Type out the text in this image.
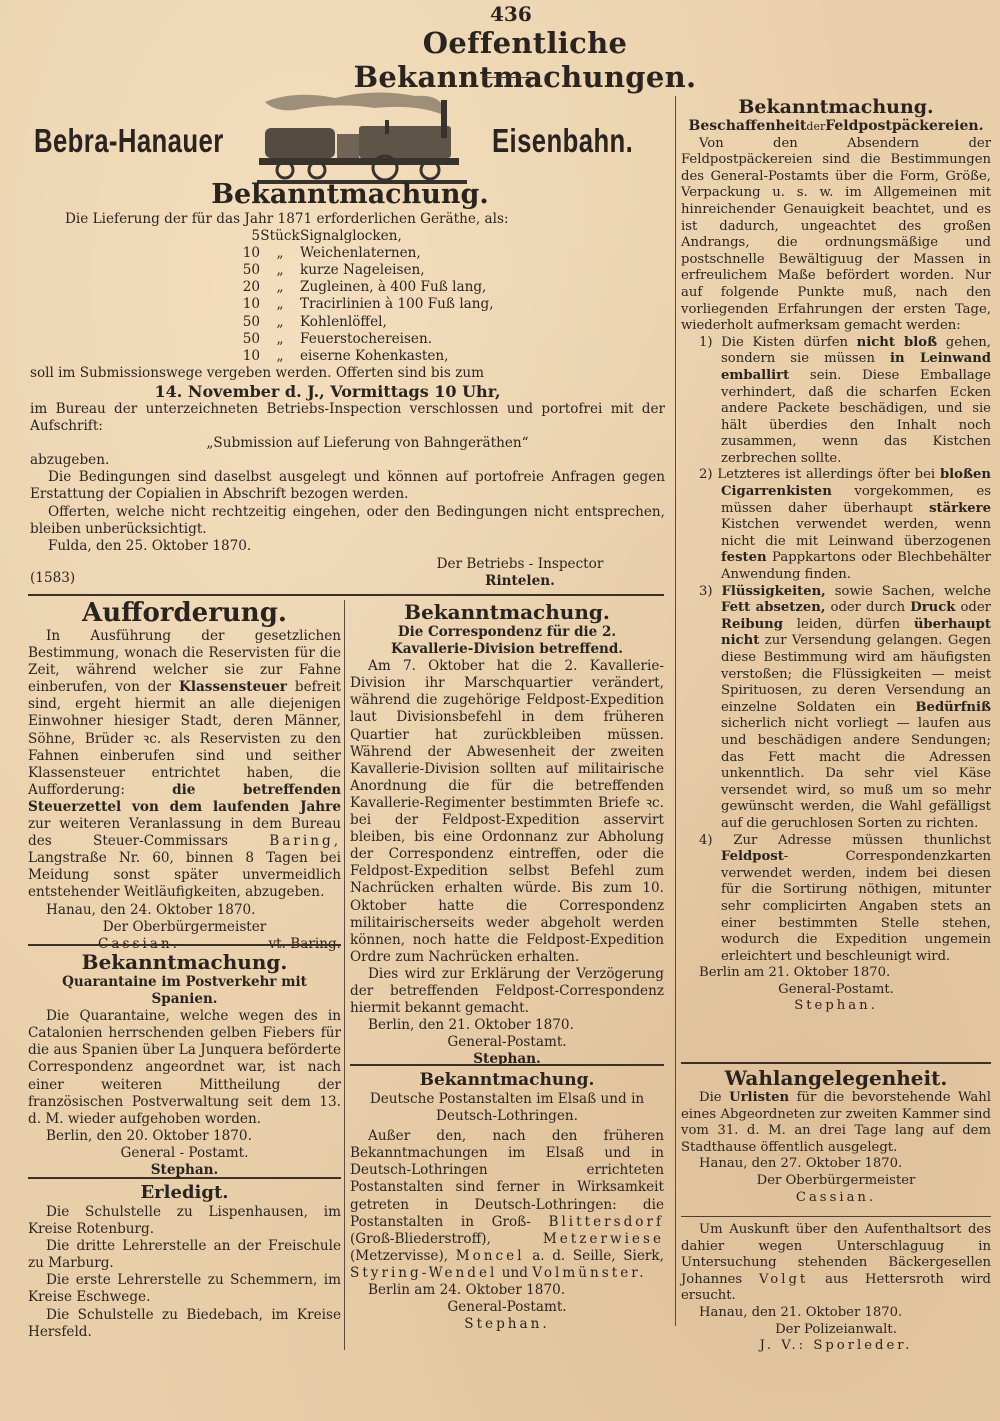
436
Oeffentliche Bekanntmachungen.
Bebra-Hanauer	Eisenbahn.
Bekanntmachung.

Die Lieferung der für das Jahr 1871 erforderlichen Geräthe, als:

5 Stück Signalglocken,
10	„	Weichenlaternen,
50	„	kurze Nageleisen,
20	„	Zugleinen, à 400 Fuß lang,
10	„	Tracirlinien à 100 Fuß lang,
50	„	Kohlenlöffel,
50	„	Feuerstochereisen.
10	„	eiserne Kohenkasten,

soll im Submissionswege vergeben werden. Offerten sind bis zum

14. November d. J., Vormittags 10 Uhr,

im Bureau der unterzeichneten Betriebs-Inspection verschlossen und portofrei mit der Aufschrift:

„Submission auf Lieferung von Bahngeräthen“

abzugeben.

Die Bedingungen sind daselbst ausgelegt und können auf portofreie Anfragen gegen Erstattung der Copialien in Abschrift bezogen werden.

Offerten, welche nicht rechtzeitig eingehen, oder den Bedingungen nicht entsprechen, bleiben unberücksichtigt.

Fulda, den 25. Oktober 1870.

(1583)

Der Betriebs - Inspector

Rintelen.

Aufforderung.

In Ausführung der gesetzlichen Bestimmung, wonach die Reservisten für die Zeit, während welcher sie zur Fahne einberufen, von der Klassensteuer befreit sind, ergeht hiermit an alle diejenigen Einwohner hiesiger Stadt, deren Männer, Söhne, Brüder ꝛc. als Reservisten zu den Fahnen einberufen sind und seither Klassensteuer entrichtet haben, die Aufforderung:	die betreffenden Steuerzettel von dem laufenden Jahre zur weiteren Veranlassung in dem Bureau des Steuer-Commissars	Baring, Langstraße Nr. 60, binnen 8 Tagen bei Meidung sonst später unvermeidlich entstehender Weitläufigkeiten, abzugeben.

Hanau, den 24. Oktober 1870.

Der Oberbürgermeister

Cassian.	vt. Baring.

Bekanntmachung.

Quarantaine im Postverkehr mit Spanien.

Die Quarantaine, welche wegen des in Catalonien herrschenden gelben Fiebers für die aus Spanien über La Junquera beförderte Correspondenz angeordnet war, ist nach einer weiteren Mittheilung der französischen Postverwaltung seit dem 13. d. M. wieder aufgehoben worden.

Berlin, den 20. Oktober 1870.

General - Postamt.

Stephan.

Erledigt.

Die Schulstelle zu Lispenhausen, im Kreise Rotenburg.

Die dritte Lehrerstelle an der Freischule zu Marburg.

Die erste Lehrerstelle zu Schemmern, im Kreise Eschwege.

Die Schulstelle zu Biedebach, im Kreise Hersfeld.

Bekanntmachung.

Die Correspondenz für die 2. Kavallerie-Division betreffend.

Am 7. Oktober hat die 2. Kavallerie-Division ihr Marschquartier verändert, während die zugehörige Feldpost-Expedition laut Divisionsbefehl in dem früheren Quartier hat zurückbleiben müssen. Während der Abwesenheit der zweiten Kavallerie-Division sollten auf militairische Anordnung die für die betreffenden Kavallerie-Regimenter bestimmten Briefe ꝛc. bei der Feldpost-Expedition asservirt bleiben, bis eine Ordonnanz zur Abholung der Correspondenz eintreffen, oder die Feldpost-Expedition selbst Befehl zum Nachrücken erhalten würde. Bis zum 10. Oktober hatte die Correspondenz militairischerseits weder abgeholt werden können, noch hatte die Feldpost-Expedition Ordre zum Nachrücken erhalten.

Dies wird zur Erklärung der Verzögerung der betreffenden Feldpost-Correspondenz hiermit bekannt gemacht.

Berlin, den 21. Oktober 1870.

General-Postamt.

Stephan.

Bekanntmachung.

Deutsche Postanstalten im Elsaß und in Deutsch-Lothringen.

Außer den, nach den früheren Bekanntmachungen im Elsaß und in Deutsch-Lothringen errichteten Postanstalten sind ferner in Wirksamkeit getreten in Deutsch-Lothringen: die Postanstalten in Groß- Blittersdorf (Groß-Bliederstroff),	Metzerwiese (Metzervisse), Moncel a. d. Seille, Sierk, Styring-Wendel und Volmünster.

Berlin am 24. Oktober 1870.

General-Postamt.

Stephan.

Bekanntmachung.

BeschaffenheitderFeldpostpäckereien.

Von den Absendern der Feldpostpäckereien sind die Bestimmungen des General-Postamts über die Form, Größe, Verpackung u. s. w. im Allgemeinen mit hinreichender Genauigkeit beachtet, und es ist dadurch, ungeachtet des großen Andrangs, die ordnungsmäßige und postschnelle Bewältiguug der Massen in erfreulichem Maße befördert worden. Nur auf folgende Punkte muß, nach den vorliegenden Erfahrungen der ersten Tage, wiederholt aufmerksam gemacht werden:

1) Die Kisten dürfen nicht bloß gehen, sondern sie müssen in Leinwand emballirt sein. Diese Emballage verhindert, daß die scharfen Ecken andere Packete beschädigen, und sie hält überdies den Inhalt noch zusammen, wenn das Kistchen zerbrechen sollte.

2) Letzteres ist allerdings öfter bei bloßen Cigarrenkisten vorgekommen, es müssen daher überhaupt stärkere Kistchen verwendet werden, wenn nicht die mit Leinwand überzogenen festen Pappkartons oder Blechbehälter Anwendung finden.

3) Flüssigkeiten, sowie Sachen, welche Fett absetzen, oder durch Druck oder Reibung leiden, dürfen überhaupt nicht zur Versendung gelangen. Gegen diese Bestimmung wird am häufigsten verstoßen; die Flüssigkeiten — meist Spirituosen, zu deren Versendung an einzelne Soldaten ein Bedürfniß sicherlich nicht vorliegt — laufen aus und beschädigen andere Sendungen; das Fett macht die Adressen unkenntlich. Da sehr viel Käse versendet wird, so muß um so mehr gewünscht werden, die Wahl gefälligst auf die geruchlosen Sorten zu richten.

4) Zur Adresse müssen thunlichst Feldpost- Correspondenzkarten verwendet werden, indem bei diesen für die Sortirung nöthigen, mitunter sehr complicirten Angaben stets an einer bestimmten Stelle stehen, wodurch die Expedition ungemein erleichtert und beschleunigt wird.

Berlin am 21. Oktober 1870.

General-Postamt.

Stephan.

Wahlangelegenheit.

Die Urlisten für die bevorstehende Wahl eines Abgeordneten zur zweiten Kammer sind vom 31. d. M. an drei Tage lang auf dem Stadthause öffentlich ausgelegt.

Hanau, den 27. Oktober 1870.

Der Oberbürgermeister

Cassian.

Um Auskunft über den Aufenthaltsort des dahier wegen Unterschlaguug in Untersuchung stehenden Bäckergesellen Johannes Volgt aus Hettersroth wird ersucht.

Hanau, den 21. Oktober 1870.

Der Polizeianwalt.

J. V.: Sporleder.
